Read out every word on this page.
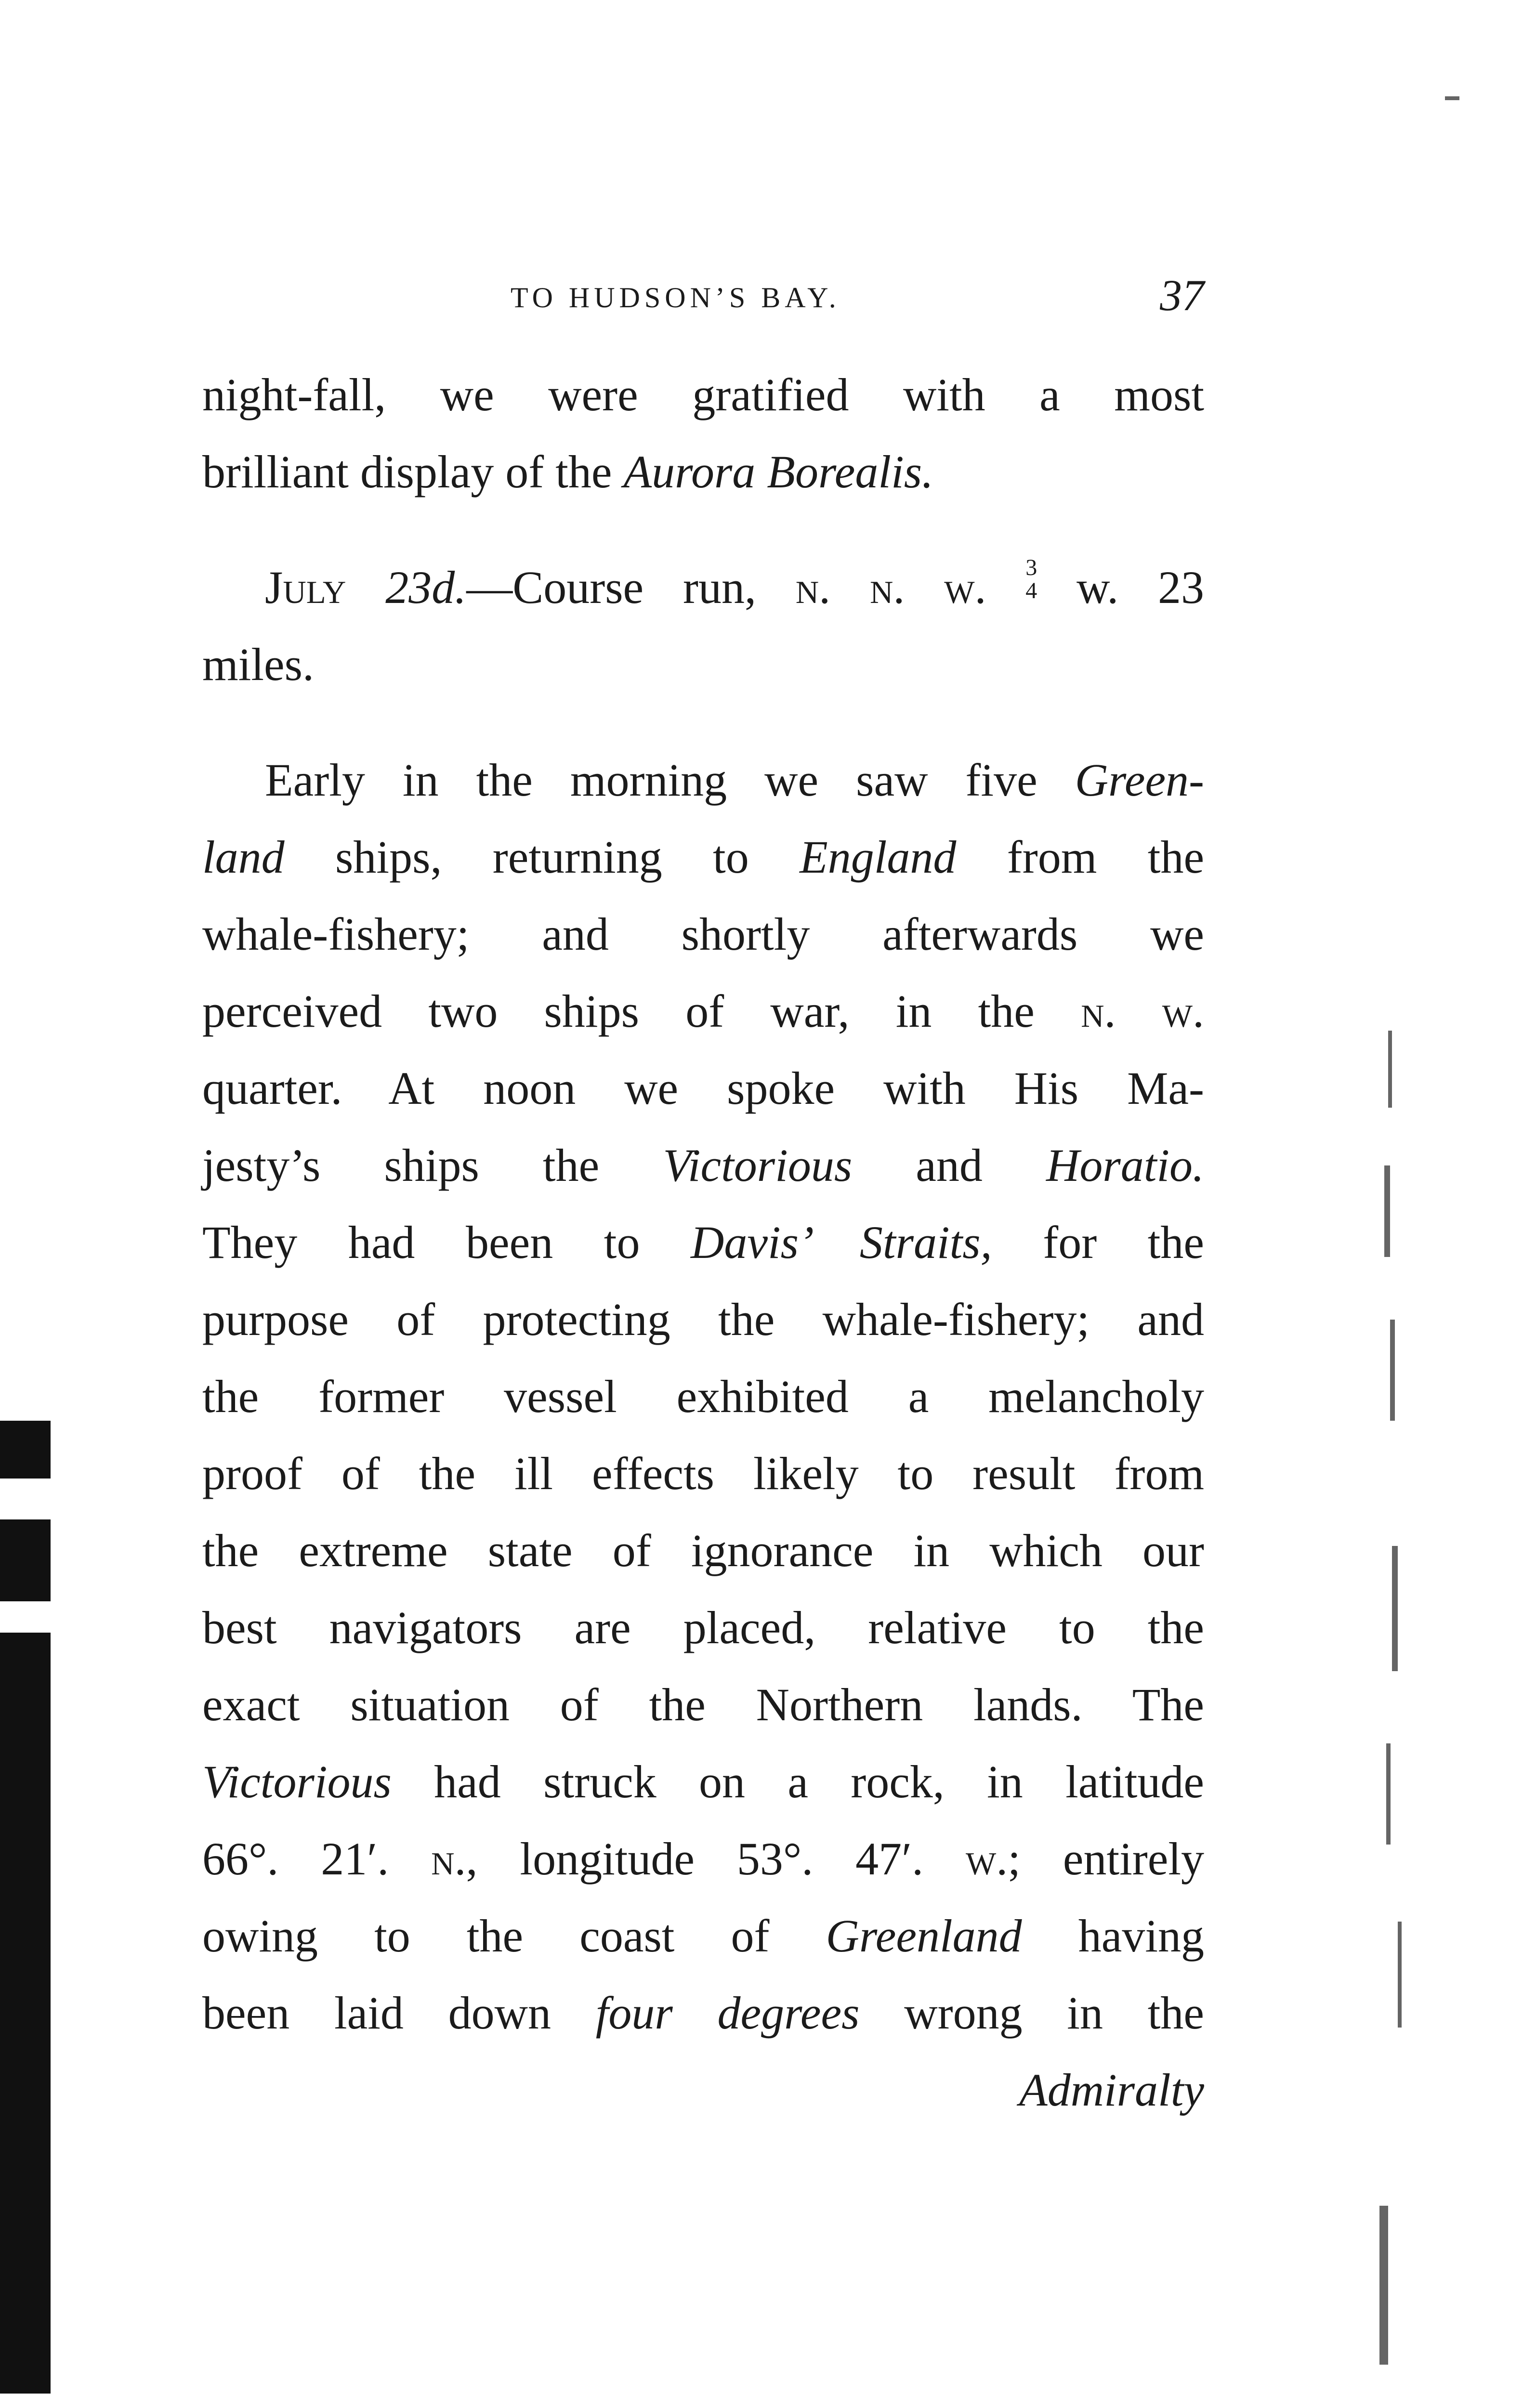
TO HUDSON’S BAY.	37
night-fall, we were gratified with a most
brilliant display of the Aurora Borealis.
July 23d.—Course run, n. n. w. 3
4 w. 23
miles.
Early in the morning we saw five Green-
land ships, returning to England from the
whale-fishery; and shortly afterwards we
perceived two ships of war, in the n. w.
quarter. At noon we spoke with His Ma-
jesty’s ships the Victorious and Horatio.
They had been to Davis’ Straits, for the
purpose of protecting the whale-fishery; and
the former vessel exhibited a melancholy
proof of the ill effects likely to result from
the extreme state of ignorance in which our
best navigators are placed, relative to the
exact situation of the Northern lands. The
Victorious had struck on a rock, in latitude
66°. 21′. n., longitude 53°. 47′. w.; entirely
owing to the coast of Greenland having
been laid down four degrees wrong in the
Admiralty
